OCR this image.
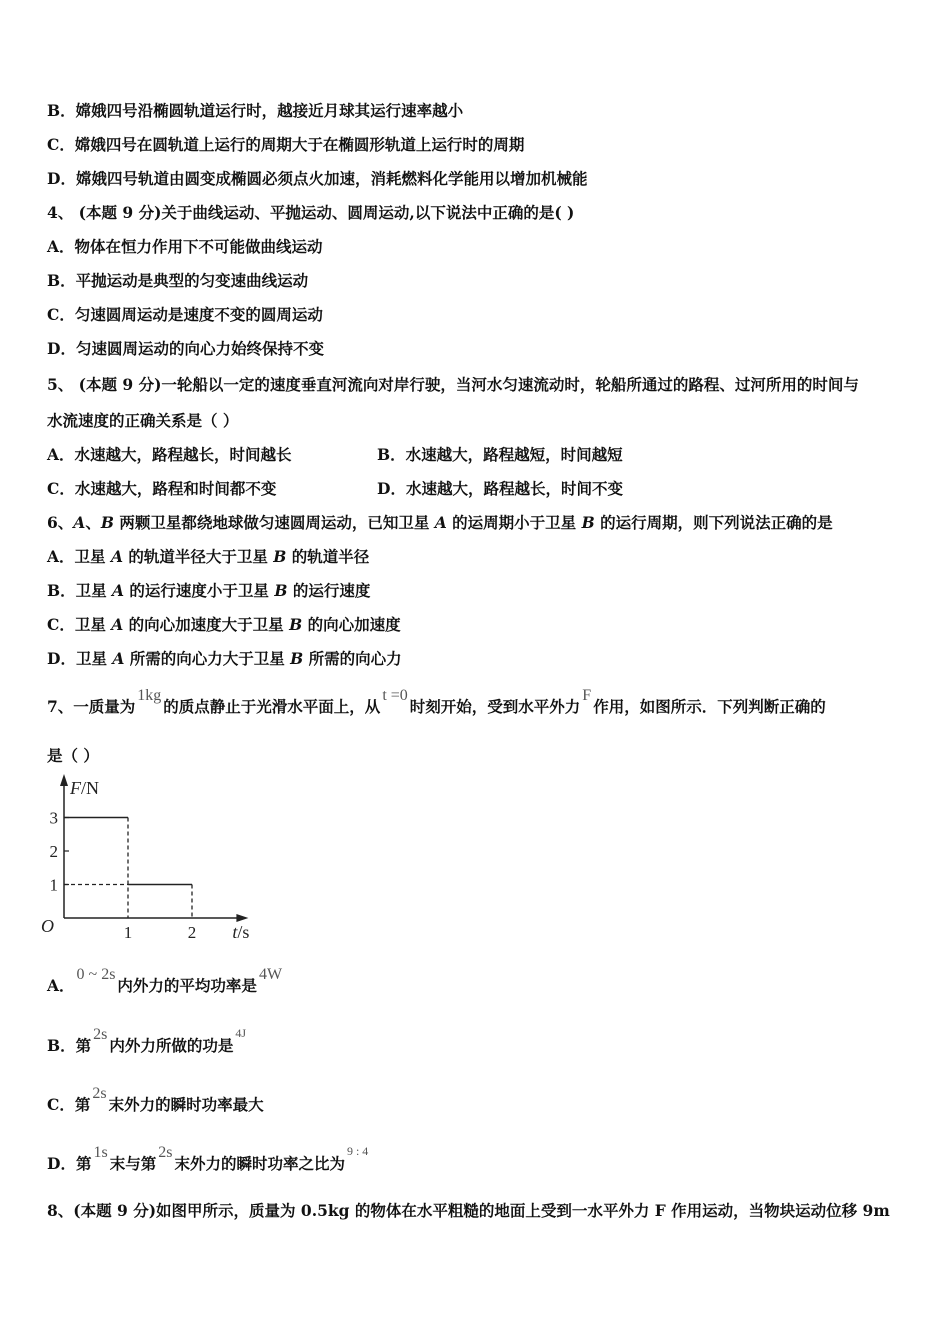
B．嫦娥四号沿椭圆轨道运行时，越接近月球其运行速率越小
C．嫦娥四号在圆轨道上运行的周期大于在椭圆形轨道上运行时的周期
D．嫦娥四号轨道由圆变成椭圆必须点火加速，消耗燃料化学能用以增加机械能
4、 (本题 9 分)关于曲线运动、平抛运动、圆周运动,以下说法中正确的是( )
A．物体在恒力作用下不可能做曲线运动
B．平抛运动是典型的匀变速曲线运动
C．匀速圆周运动是速度不变的圆周运动
D．匀速圆周运动的向心力始终保持不变
5、 (本题 9 分)一轮船以一定的速度垂直河流向对岸行驶，当河水匀速流动时，轮船所通过的路程、过河所用的时间与
水流速度的正确关系是（ ）
A．水速越大，路程越长，时间越长	B．水速越大，路程越短，时间越短
C．水速越大，路程和时间都不变	D．水速越大，路程越长，时间不变
6、A、B 两颗卫星都绕地球做匀速圆周运动，已知卫星 A 的运周期小于卫星 B 的运行周期，则下列说法正确的是
A．卫星 A 的轨道半径大于卫星 B 的轨道半径
B．卫星 A 的运行速度小于卫星 B 的运行速度
C．卫星 A 的向心加速度大于卫星 B 的向心加速度
D．卫星 A 所需的向心力大于卫星 B 所需的向心力
7、一质量为1kg的质点静止于光滑水平面上，从t =0时刻开始，受到水平外力F作用，如图所示．下列判断正确的
是（ ）
1
2
3
1	2
F/N
t/s
O
A．0 ~ 2s内外力的平均功率是4W
B．第2s内外力所做的功是$^{4J}$
C．第2s末外力的瞬时功率最大
D．第1s末与第2s末外力的瞬时功率之比为$^{9 : 4}$
8、(本题 9 分)如图甲所示，质量为 0.5kg 的物体在水平粗糙的地面上受到一水平外力 F 作用运动，当物块运动位移 9m
